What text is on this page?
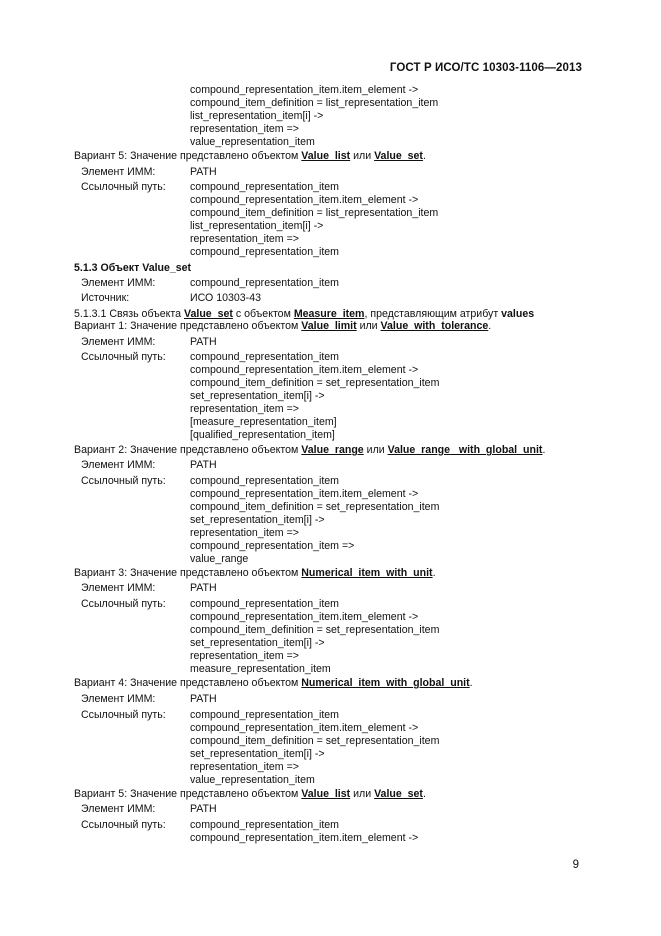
ГОСТ Р ИСО/ТС 10303-1106—2013
compound_representation_item.item_element ->
compound_item_definition = list_representation_item
list_representation_item[i] ->
representation_item =>
value_representation_item
Вариант 5: Значение представлено объектом Value_list или Value_set.
Элемент ИММ:	PATH
Ссылочный путь: compound_representation_item
compound_representation_item.item_element ->
compound_item_definition = list_representation_item
list_representation_item[i] ->
representation_item =>
compound_representation_item
5.1.3 Объект Value_set
Элемент ИММ:	compound_representation_item
Источник:	ИСО 10303-43
5.1.3.1 Связь объекта Value_set с объектом Measure_item, представляющим атрибут values
Вариант 1: Значение представлено объектом Value_limit или Value_with_tolerance.
Элемент ИММ:	PATH
Ссылочный путь: compound_representation_item
compound_representation_item.item_element ->
compound_item_definition = set_representation_item
set_representation_item[i] ->
representation_item =>
[measure_representation_item]
[qualified_representation_item]
Вариант 2: Значение представлено объектом Value_range или Value_range_ with_global_unit.
Элемент ИММ:	PATH
Ссылочный путь: compound_representation_item
compound_representation_item.item_element ->
compound_item_definition = set_representation_item
set_representation_item[i] ->
representation_item =>
compound_representation_item =>
value_range
Вариант 3: Значение представлено объектом Numerical_item_with_unit.
Элемент ИММ:	PATH
Ссылочный путь: compound_representation_item
compound_representation_item.item_element ->
compound_item_definition = set_representation_item
set_representation_item[i] ->
representation_item =>
measure_representation_item
Вариант 4: Значение представлено объектом Numerical_item_with_global_unit.
Элемент ИММ:	PATH
Ссылочный путь: compound_representation_item
compound_representation_item.item_element ->
compound_item_definition = set_representation_item
set_representation_item[i] ->
representation_item =>
value_representation_item
Вариант 5: Значение представлено объектом Value_list или Value_set.
Элемент ИММ:	PATH
Ссылочный путь: compound_representation_item
compound_representation_item.item_element ->
9
